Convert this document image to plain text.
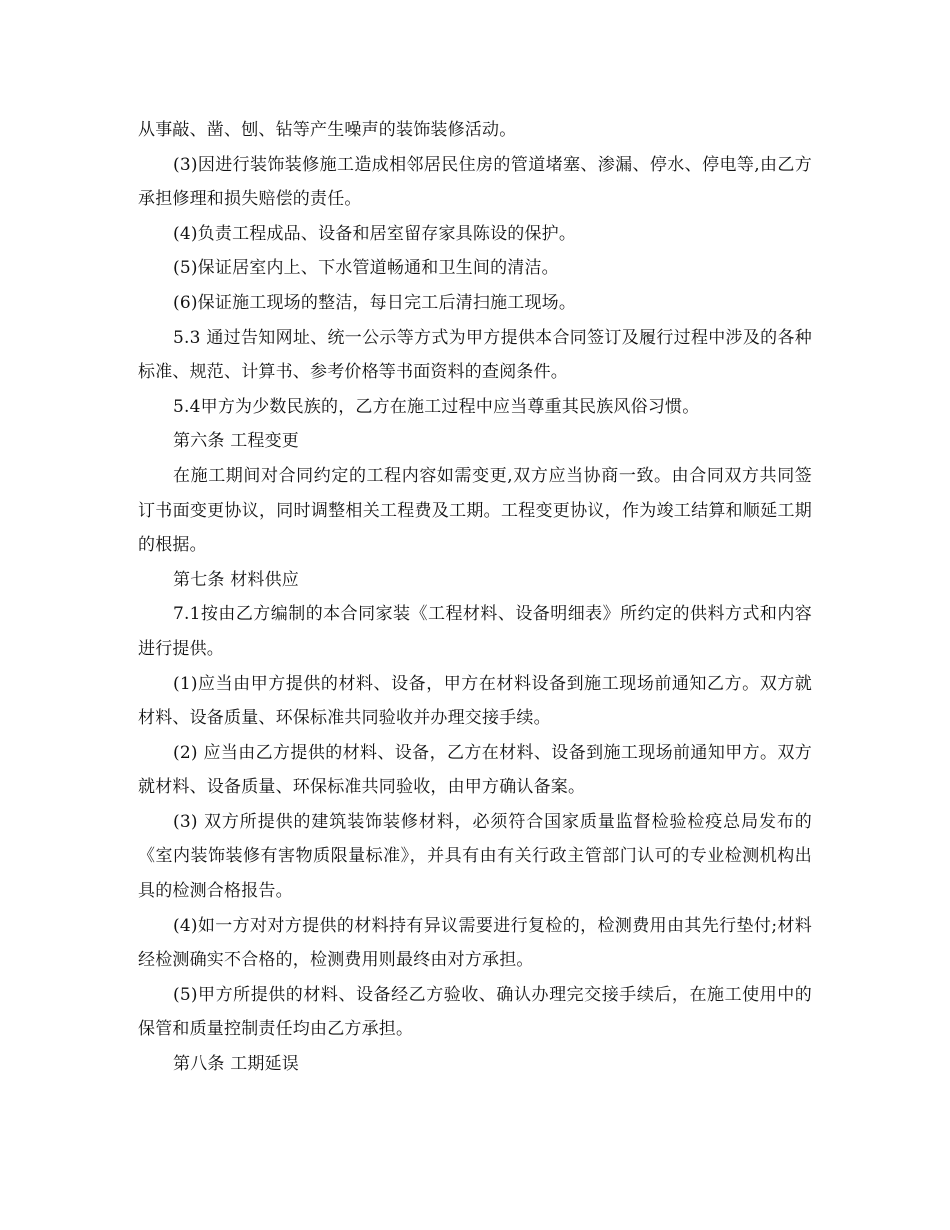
从事敲、凿、刨、钻等产生噪声的装饰装修活动。

(3)因进行装饰装修施工造成相邻居民住房的管道堵塞、渗漏、停水、停电等,由乙方承担修理和损失赔偿的责任。

(4)负责工程成品、设备和居室留存家具陈设的保护。

(5)保证居室内上、下水管道畅通和卫生间的清洁。

(6)保证施工现场的整洁，每日完工后清扫施工现场。

5.3 通过告知网址、统一公示等方式为甲方提供本合同签订及履行过程中涉及的各种标准、规范、计算书、参考价格等书面资料的查阅条件。

5.4甲方为少数民族的，乙方在施工过程中应当尊重其民族风俗习惯。

第六条 工程变更

在施工期间对合同约定的工程内容如需变更,双方应当协商一致。由合同双方共同签订书面变更协议，同时调整相关工程费及工期。工程变更协议，作为竣工结算和顺延工期的根据。

第七条 材料供应

7.1按由乙方编制的本合同家装《工程材料、设备明细表》所约定的供料方式和内容进行提供。

(1)应当由甲方提供的材料、设备，甲方在材料设备到施工现场前通知乙方。双方就材料、设备质量、环保标准共同验收并办理交接手续。

(2) 应当由乙方提供的材料、设备，乙方在材料、设备到施工现场前通知甲方。双方就材料、设备质量、环保标准共同验收，由甲方确认备案。

(3) 双方所提供的建筑装饰装修材料，必须符合国家质量监督检验检疫总局发布的《室内装饰装修有害物质限量标准》，并具有由有关行政主管部门认可的专业检测机构出具的检测合格报告。

(4)如一方对对方提供的材料持有异议需要进行复检的，检测费用由其先行垫付;材料经检测确实不合格的，检测费用则最终由对方承担。

(5)甲方所提供的材料、设备经乙方验收、确认办理完交接手续后，在施工使用中的保管和质量控制责任均由乙方承担。

第八条 工期延误
